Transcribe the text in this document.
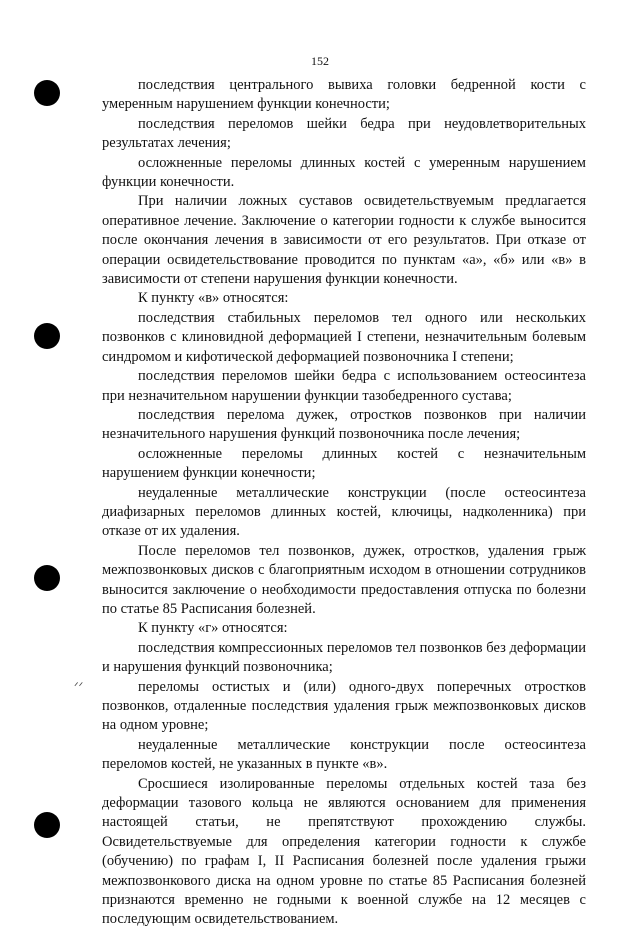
152
ᐟᐟ

последствия центрального вывиха головки бедренной кости с умеренным нарушением функции конечности;

последствия переломов шейки бедра при неудовлетворительных результатах лечения;

осложненные переломы длинных костей с умеренным нарушением функции конечности.

При наличии ложных суставов освидетельствуемым предлагается оперативное лечение. Заключение о категории годности к службе выносится после окончания лечения в зависимости от его результатов. При отказе от операции освидетельствование проводится по пунктам «а», «б» или «в» в зависимости от степени нарушения функции конечности.

К пункту «в» относятся:

последствия стабильных переломов тел одного или нескольких позвонков с клиновидной деформацией I степени, незначительным болевым синдромом и кифотической деформацией позвоночника I степени;

последствия переломов шейки бедра с использованием остеосинтеза при незначительном нарушении функции тазобедренного сустава;

последствия перелома дужек, отростков позвонков при наличии незначительного нарушения функций позвоночника после лечения;

осложненные переломы длинных костей с незначительным нарушением функции конечности;

неудаленные металлические конструкции (после остеосинтеза диафизарных переломов длинных костей, ключицы, надколенника) при отказе от их удаления.

После переломов тел позвонков, дужек, отростков, удаления грыж межпозвонковых дисков с благоприятным исходом в отношении сотрудников выносится заключение о необходимости предоставления отпуска по болезни по статье 85 Расписания болезней.

К пункту «г» относятся:

последствия компрессионных переломов тел позвонков без деформации и нарушения функций позвоночника;

переломы остистых и (или) одного-двух поперечных отростков позвонков, отдаленные последствия удаления грыж межпозвонковых дисков на одном уровне;

неудаленные металлические конструкции после остеосинтеза переломов костей, не указанных в пункте «в».

Сросшиеся изолированные переломы отдельных костей таза без деформации тазового кольца не являются основанием для применения настоящей статьи, не препятствуют прохождению службы. Освидетельствуемые для определения категории годности к службе (обучению) по графам I, II Расписания болезней после удаления грыжи межпозвонкового диска на одном уровне по статье 85 Расписания болезней признаются временно не годными к военной службе на 12 месяцев с последующим освидетельствованием.
